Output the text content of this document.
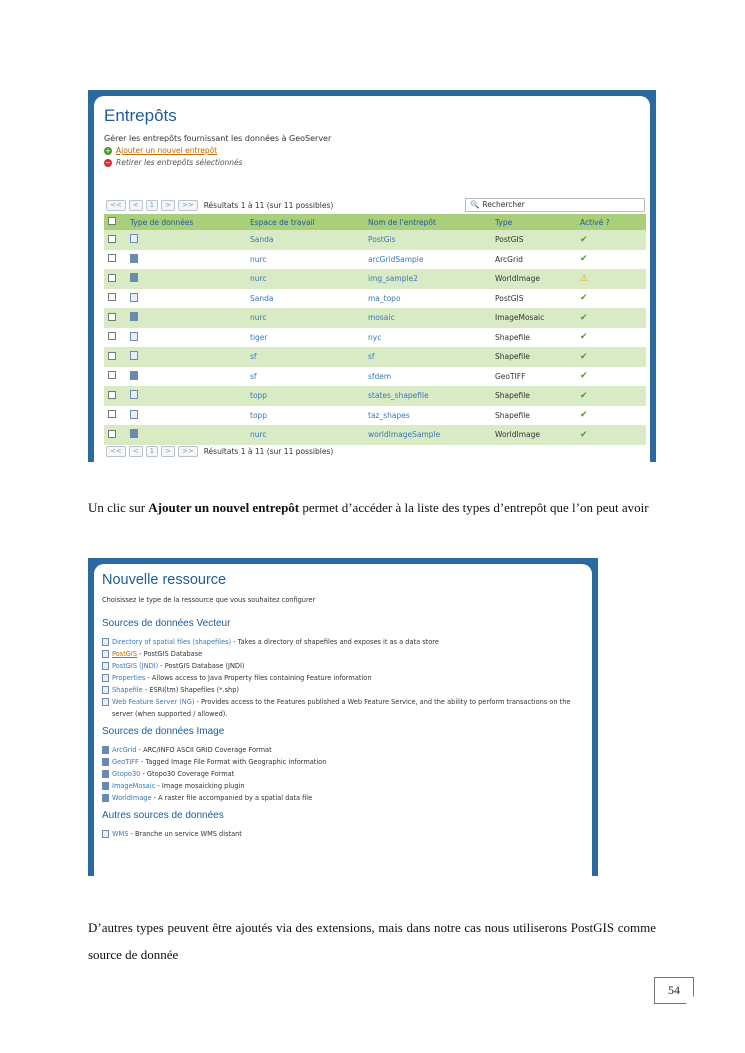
Entrepôts
Gérer les entrepôts fournissant les données à GeoServer
+ Ajouter un nouvel entrepôt
− Retirer les entrepôts sélectionnés
<<	<	1	>	>>	Résultats 1 à 11 (sur 11 possibles)	🔍 Rechercher
	Type de données	Espace de travail	Nom de l'entrepôt	Type	Activé ?
		Sanda	PostGis	PostGIS	✔
		nurc	arcGridSample	ArcGrid	✔
		nurc	img_sample2	WorldImage	⚠
		Sanda	ma_topo	PostGIS	✔
		nurc	mosaic	ImageMosaic	✔
		tiger	nyc	Shapefile	✔
		sf	sf	Shapefile	✔
		sf	sfdem	GeoTIFF	✔
		topp	states_shapefile	Shapefile	✔
		topp	taz_shapes	Shapefile	✔
		nurc	worldImageSample	WorldImage	✔
<<	<	1	>	>>	Résultats 1 à 11 (sur 11 possibles)
Un clic sur Ajouter un nouvel entrepôt permet d’accéder à la liste des types d’entrepôt que l’on peut avoir
Nouvelle ressource
Choisissez le type de la ressource que vous souhaitez configurer
Sources de données Vecteur
Directory of spatial files (shapefiles) - Takes a directory of shapefiles and exposes it as a data store
PostGIS - PostGIS Database
PostGIS (JNDI) - PostGIS Database (JNDI)
Properties - Allows access to Java Property files containing Feature information
Shapefile - ESRI(tm) Shapefiles (*.shp)
Web Feature Server (NG) - Provides access to the Features published a Web Feature Service, and the ability to perform transactions on the server (when supported / allowed).
Sources de données Image
ArcGrid - ARC/INFO ASCII GRID Coverage Format
GeoTIFF - Tagged Image File Format with Geographic information
Gtopo30 - Gtopo30 Coverage Format
ImageMosaic - Image mosaicking plugin
WorldImage - A raster file accompanied by a spatial data file
Autres sources de données
WMS - Branche un service WMS distant
D’autres types peuvent être ajoutés via des extensions, mais dans notre cas nous utiliserons PostGIS comme source de donnée
54
